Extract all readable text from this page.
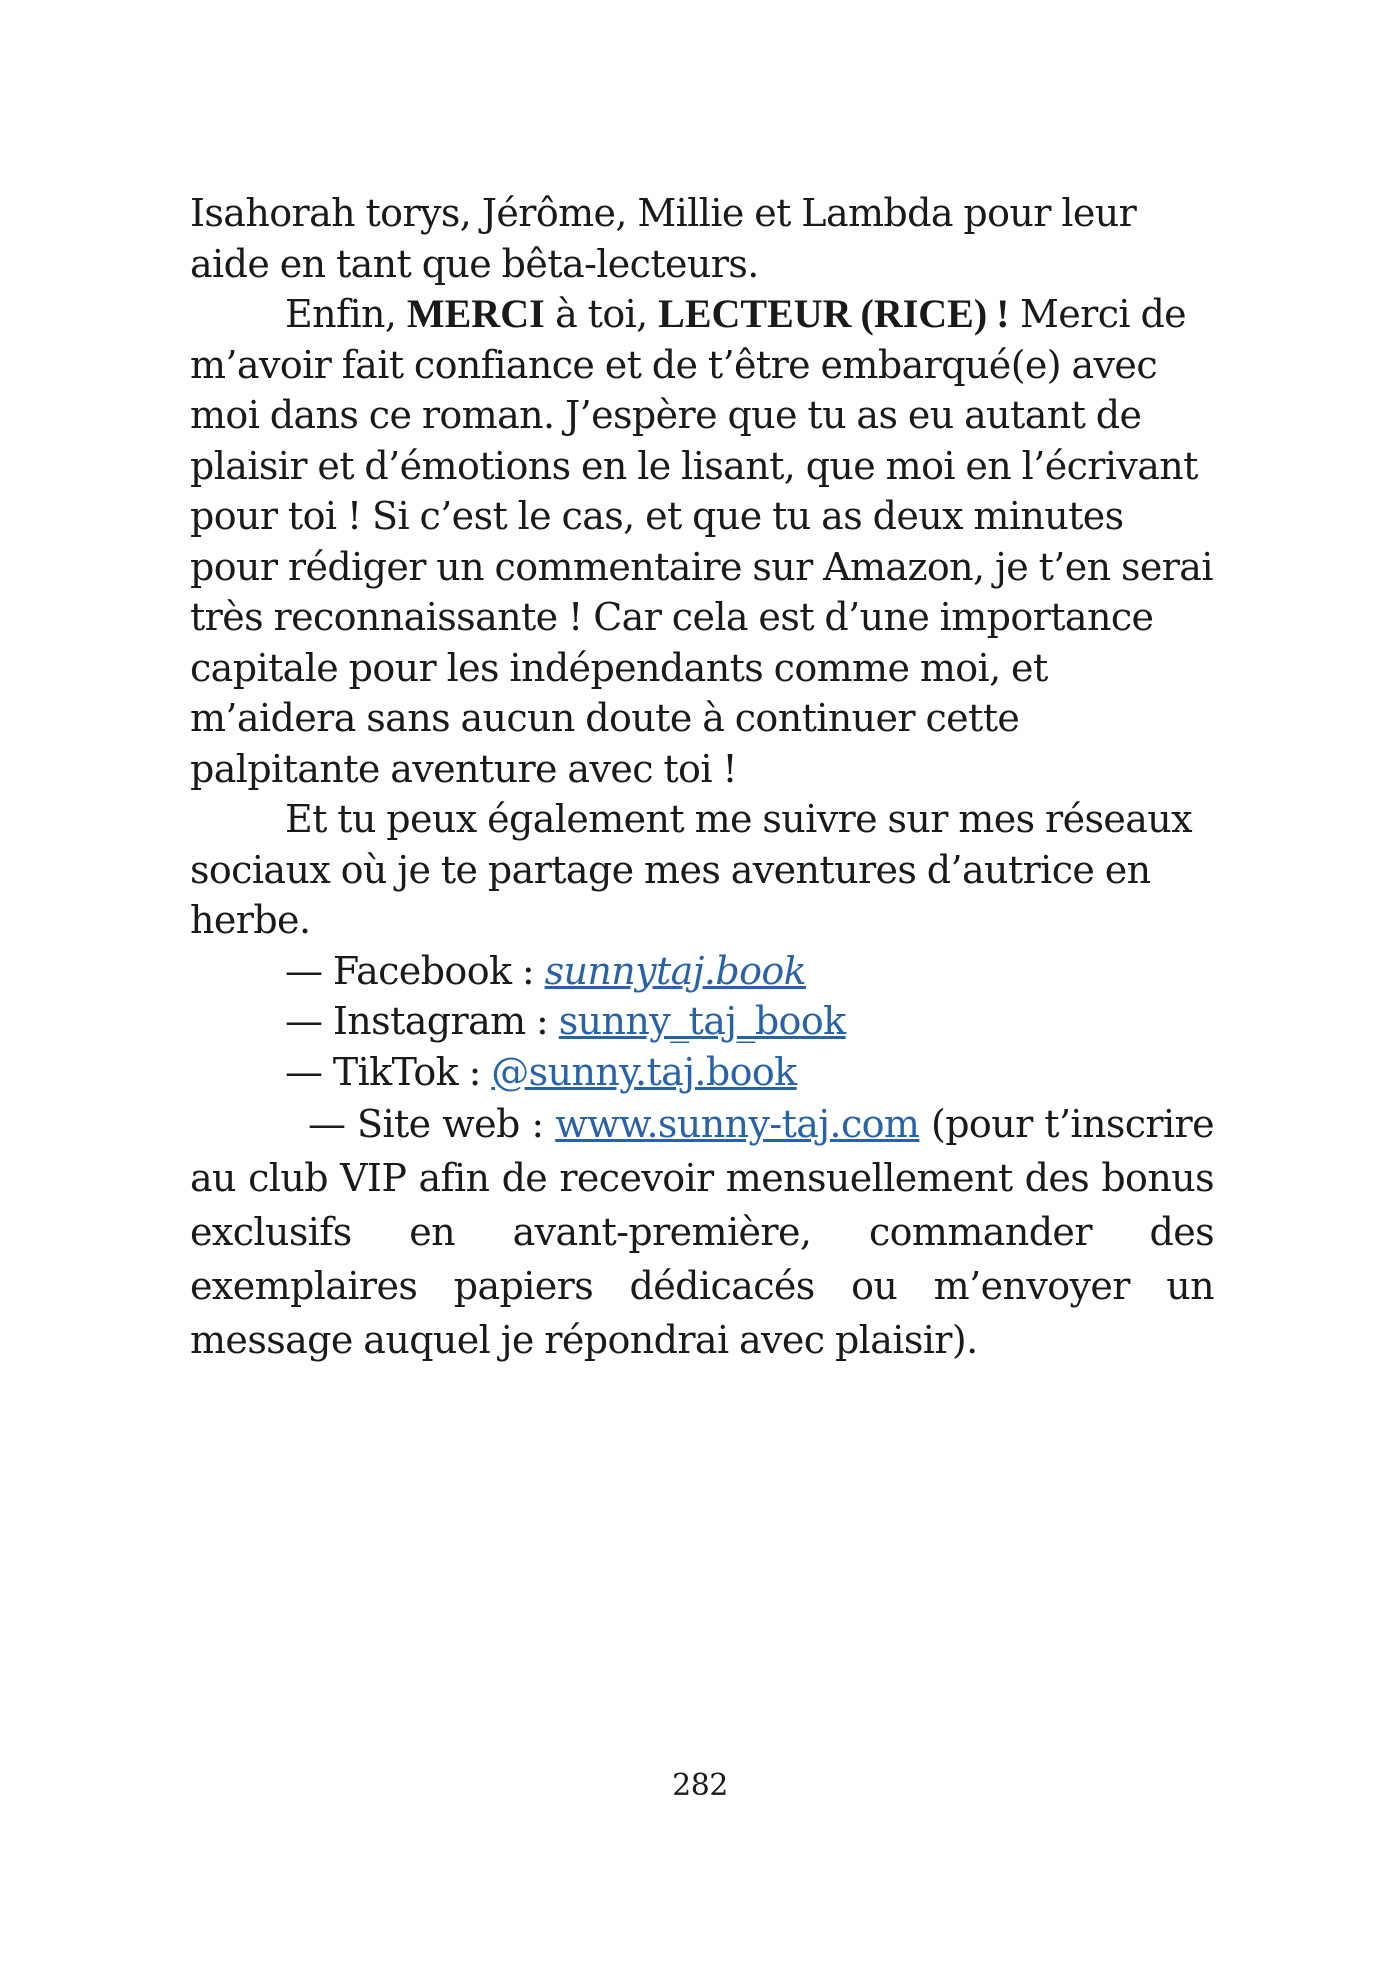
Isahorah torys, Jérôme, Millie et Lambda pour leur aide en tant que bêta-lecteurs.

Enfin, MERCI à toi, LECTEUR (RICE) ! Merci de m’avoir fait confiance et de t’être embarqué(e) avec moi dans ce roman. J’espère que tu as eu autant de plaisir et d’émotions en le lisant, que moi en l’écrivant pour toi ! Si c’est le cas, et que tu as deux minutes pour rédiger un commentaire sur Amazon, je t’en serai très reconnaissante ! Car cela est d’une importance capitale pour les indépendants comme moi, et m’aidera sans aucun doute à continuer cette palpitante aventure avec toi !

Et tu peux également me suivre sur mes réseaux sociaux où je te partage mes aventures d’autrice en herbe.

— Facebook : sunnytaj.book

— Instagram : sunny_taj_book

— TikTok : @sunny.taj.book

— Site web : www.sunny-taj.com (pour t’inscrire au club VIP afin de recevoir mensuellement des bonus exclusifs en avant-première, commander des exemplaires papiers dédicacés ou m’envoyer un message auquel je répondrai avec plaisir).

282
